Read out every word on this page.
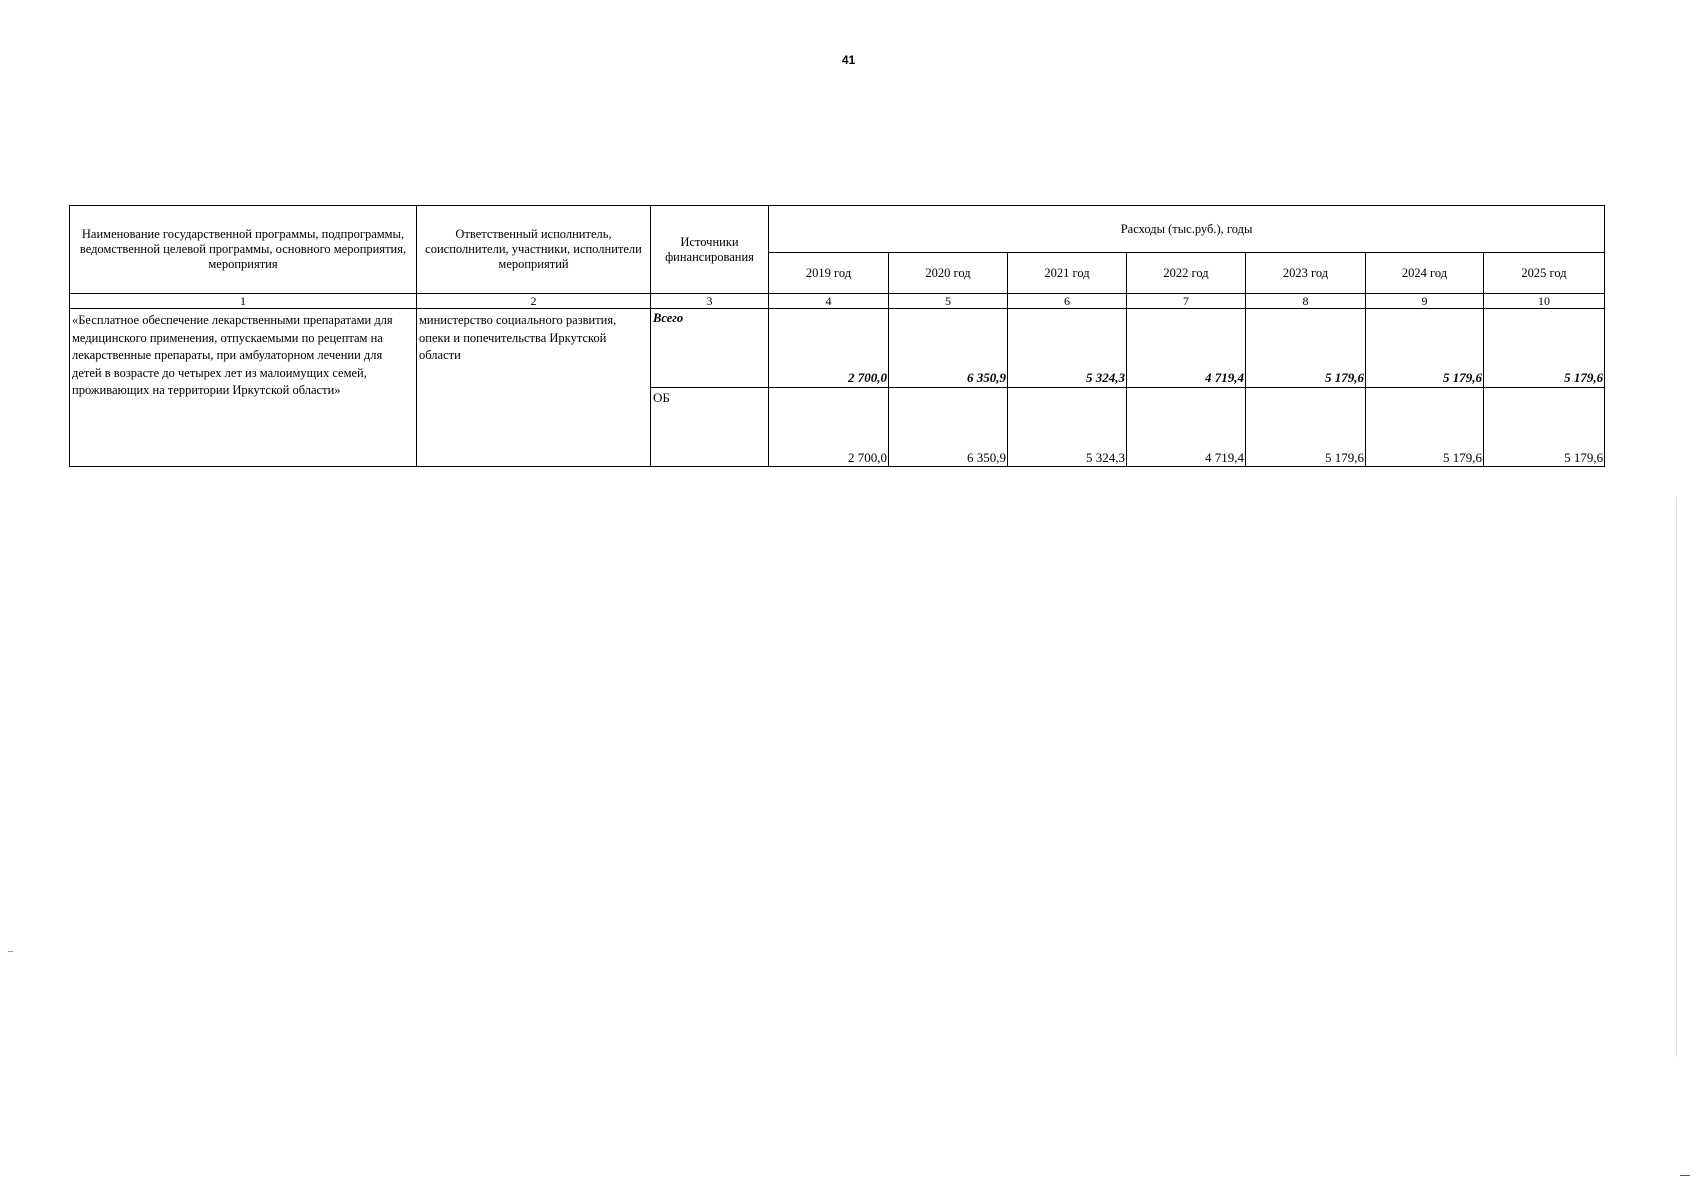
41
Наименование государственной программы, подпрограммы, ведомственной целевой программы, основного мероприятия, мероприятия	Ответственный исполнитель, соисполнители, участники, исполнители мероприятий	Источники финансирования	Расходы (тыс.руб.), годы						
			2019 год	2020 год	2021 год	2022 год	2023 год	2024 год	2025 год
1	2	3	4	5	6	7	8	9	10
«Бесплатное обеспечение лекарственными препаратами для медицинского применения, отпускаемыми по рецептам на лекарственные препараты, при амбулаторном лечении для детей в возрасте до четырех лет из малоимущих семей, проживающих на территории Иркутской области»	министерство социального развития, опеки и попечительства Иркутской области	Всего	2 700,0	6 350,9	5 324,3	4 719,4	5 179,6	5 179,6	5 179,6
		ОБ	2 700,0	6 350,9	5 324,3	4 719,4	5 179,6	5 179,6	5 179,6
